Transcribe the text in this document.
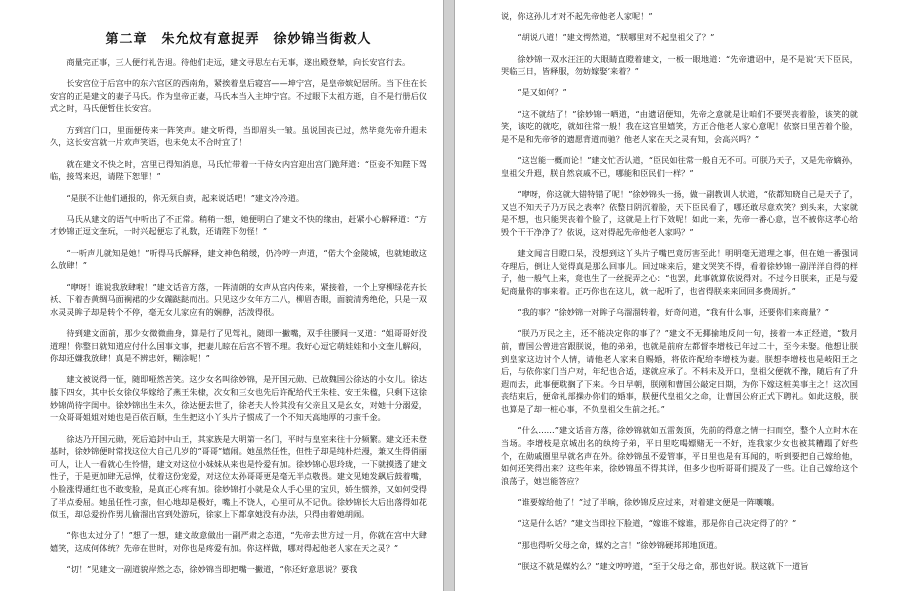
第二章　朱允炆有意捉弄　徐妙锦当街救人

商量完正事，三人便行礼告退。待他们走远，建文寻思左右无事，遂出殿登辇，向长安宫行去。

长安宫位于后宫中的东六宫区的西南角，紧挨着皇后寝宫——坤宁宫，是皇帝嫔妃居所。当下住在长安宫的正是建文的妻子马氏。作为皇帝正妻，马氏本当入主坤宁宫。不过眼下太祖方逝，自不是行册后仪式之时，马氏便暂住长安宫。

方到宫门口，里面便传来一阵笑声。建文听得，当即眉头一皱。虽说国丧已过，然毕竟先帝升遐未久，这长安宫就一片欢声笑语，也未免太不合时宜了！

就在建文不快之时，宫里已得知消息，马氏忙带着一干侍女内宫迎出宫门跪拜道：“臣妾不知陛下驾临，接驾来迟，请陛下恕罪！”

“是朕不让他们通报的，你无须自责，起来说话吧！”建文冷冷道。

马氏从建文的语气中听出了不正常。稍稍一想，她便明白了建文不快的缘由，赶紧小心解释道：“方才妙锦正逗文奎玩，一时兴起便忘了礼数，还请陛下勿怪！”

“一听声儿就知是她！”听得马氏解释，建文神色稍缓，仍冷哼一声道，“偌大个金陵城，也就她敢这么放肆！”

“咿呀！谁说我放肆啦！”建文话音方落，一阵清朗的女声从宫内传来，紧接着，一个上穿柳绿花卉长袄、下着杏黄绸马面裥裙的少女蹦跶跶而出。只见这少女年方二八，柳眉杏眼，面貌清秀绝伦，只是一双水灵灵眸子却是转个不停，毫无女儿家应有的娴静，活泼得很。

待到建文面前，那少女微微曲身，算是行了见驾礼，随即一撇嘴，双手往腰间一叉道：“姐哥哥好没道理！你整日就知道应付什么国事文事，把妻儿晾在后宫不管不理。我好心逗它萌娃娃和小文奎儿解闷，你却还嫌我放肆！真是不辨忠奸，糊涂呢！”

建文被说得一怔，随即哑然苦笑。这少女名叫徐妙锦，是开国元勋、已故魏国公徐达的小女儿。徐达膝下四女，其中长女徐仪华嫁给了燕王朱棣，次女和三女也先后许配给代王朱桂、安王朱楹，只剩下这徐妙锦尚待字闺中。徐妙锦出生未久，徐达便去世了，徐老夫人怜其没有父亲且又是幺女，对她十分溺爱，一众哥哥姐姐对她也是百依百顺，生生把这小丫头片子惯成了一个不知天高地厚的刁蛮千金。

徐达乃开国元勋，死后追封中山王，其家族是大明第一名门，平时与皇室来往十分频繁。建文还未登基时，徐妙锦便时常找这位大自己几岁的“哥哥”嬉闹。她虽然任性，但性子却是纯朴烂漫，兼又生得俏丽可人，让人一看就心生怜惜，建文对这位小妹妹从来也是怜爱有加。徐妙锦心思玲珑，一下就摸透了建文性子，于是更加肆无忌惮，仗着这份宠爱，对这位太孙哥哥更是毫无半点敬畏。建文见她发飙后鼓着嘴，小脸涨得通红也不敢变脸，是真正心疼有加。徐妙锦打小就是众人手心里的宝贝，娇生惯养，又如何受得了半点委屈。她虽任性刁蛮，但心地却是极好，嘴上不饶人，心里可从不记仇。徐妙锦长大后出落得如花似玉，却总爱扮作男儿偷溜出宫到处游玩，徐家上下都拿她没有办法，只得由着她胡闹。

“你也太过分了！”想了一想，建文故意做出一副严肃之态道，“先帝去世方过一月，你就在宫中大肆嬉笑，这成何体统？先帝在世时，对你也是疼爱有加。你这样做，哪对得起他老人家在天之灵？”

“切！”见建文一副道貌岸然之态，徐妙锦当即把嘴一撇道，“你还好意思说？要我

说，你这孙儿才对不起先帝他老人家呢！”

“胡说八道！”建文愕然道，“朕哪里对不起皇祖父了？”

徐妙锦一双水汪汪的大眼睛直瞪着建文，一板一眼地道：“先帝遗诏中，是不是说‘天下臣民，哭临三日，皆释服，勿妨嫁娶’来着？”

“是又如何？”

“这不就结了！”徐妙锦一哂道，“由遗诏便知，先帝之意就是让咱们不要哭丧着脸，该笑的就笑，该吃的就吃，就如往常一般！我在这宫里嬉笑，方正合他老人家心意呢！依察日里苦着个脸，是不是和先帝爷的遗愿背道而驰？他老人家在天之灵有知，会高兴吗？”

“这岂能一概而论！”建文忙否认道，“臣民如往常一般自无不可。可朕乃天子，又是先帝嫡孙，皇祖父升遐，朕自然哀戚不已，哪能和臣民们一样？”

“咿呀，你这就大错特错了呢！”徐妙锦头一扬，做一副教训人状道，“依都知晓自己是天子了，又岂不知天子乃万民之表率？依整日阴沉着脸，天下臣民看了，哪还敢尽意欢笑？到头来，大家就是不想，也只能哭丧着个脸了，这就是上行下效呢！如此一来，先帝一番心意，岂不被你这孝心给毁个干干净净了？依说，这对得起先帝他老人家吗？”

建文闻言目瞪口呆，没想到这丫头片子嘴巴竟厉害至此！明明毫无道理之事，但在她一番强词夺理后，倒让人觉得真是那么回事儿。回过味来后，建文哭笑不得，看着徐妙锦一副洋洋自得的样子，他一般气上来，竟也生了一丝捉弄之心：“也罢，此事就算依说得对。不过今日朕来，正是与爱妃商量你的事来着。正巧你也在这儿，就一起听了，也省得朕来来回回多费周折。”

“我的事？”徐妙锦一对眸子乌溜溜转着，好奇问道，“我有什么事，还要你们来商量？”

“朕乃万民之主，还不能决定你的事了？”建文不无揶揄地反问一句，接着一本正经道，“数月前，曹国公曾进宫跟朕说，他的弟弟，也就是前府左都督李增枝已年过二十，至今未娶。他想让朕到皇家这边讨个人情，请他老人家来自赐婚，将依许配给李增枝为妻。朕想李增枝也是岐阳王之后，与依你家门当户对，年纪也合适，遂就应承了。不料未及开口，皇祖父便就不豫，随后有了升遐而去，此事便耽搁了下来。今日早朝，朕刚和曹国公敲定日期，为你下嫁这桩美事主之！这次国丧结束后，便命礼部操办你们的婚事，朕便代皇祖父之命，让曹国公府正式下聘礼。如此这般，朕也算是了却一桩心事，不负皇祖父生前之托。”

“什么……”建文话音方落，徐妙锦就如五雷轰顶，先前的得意之情一扫而空，整个人立时木在当场。李增枝是京城出名的纨绔子弟，平日里吃喝嫖赌无一不好，连我家少女也被其糟蹋了好些个，在勋戚圈里早就名声在外。徐妙锦虽不爱管事，平日里也是有耳闻的，听到要把自己嫁给他，如何还笑得出来？这些年来，徐妙锦虽不得其详，但多少也听哥哥们提及了一些。让自己嫁给这个浪荡子，她岂能答应？

“谁要嫁给他了！”过了半晌，徐妙锦反应过来，对着建文便是一阵嚷嚷。

“这是什么话？”建文当即拉下脸道，“嫁谁不嫁谁，那是你自己决定得了的？”

“那也得听父母之命，媒妁之言！”徐妙锦硬邦邦地顶道。

“朕这不就是媒妁么？”建文哼哼道，“至于父母之命，那也好说。朕这就下一道旨
